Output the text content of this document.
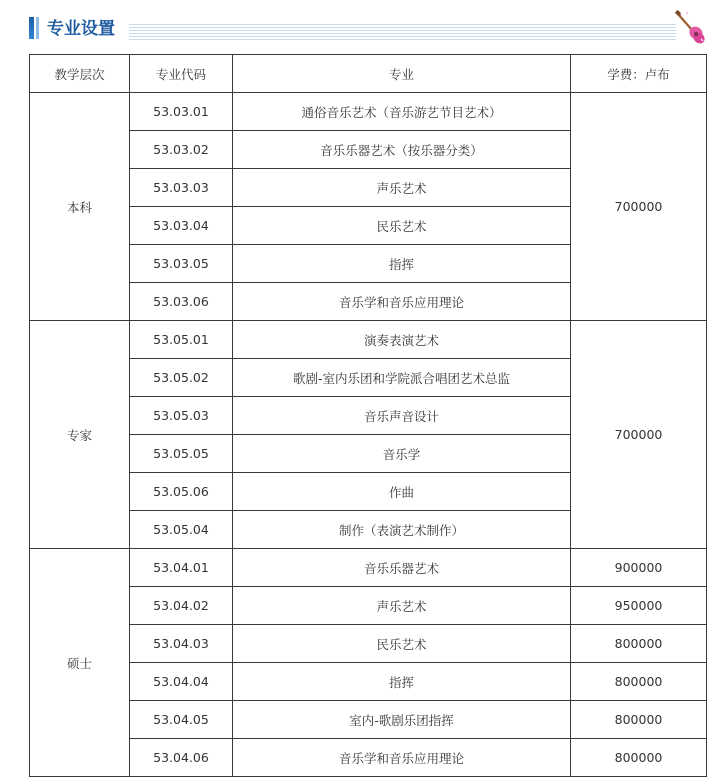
专业设置
教学层次	专业代码	专业	学费：卢布
本科	53.03.01	通俗音乐艺术（音乐游艺节目艺术）	700000
	53.03.02	音乐乐器艺术（按乐器分类）	
	53.03.03	声乐艺术	
	53.03.04	民乐艺术	
	53.03.05	指挥	
	53.03.06	音乐学和音乐应用理论	
专家	53.05.01	演奏表演艺术	700000
	53.05.02	歌剧-室内乐团和学院派合唱团艺术总监	
	53.05.03	音乐声音设计	
	53.05.05	音乐学	
	53.05.06	作曲	
	53.05.04	制作（表演艺术制作）	
硕士	53.04.01	音乐乐器艺术	900000
	53.04.02	声乐艺术	950000
	53.04.03	民乐艺术	800000
	53.04.04	指挥	800000
	53.04.05	室内-歌剧乐团指挥	800000
	53.04.06	音乐学和音乐应用理论	800000
